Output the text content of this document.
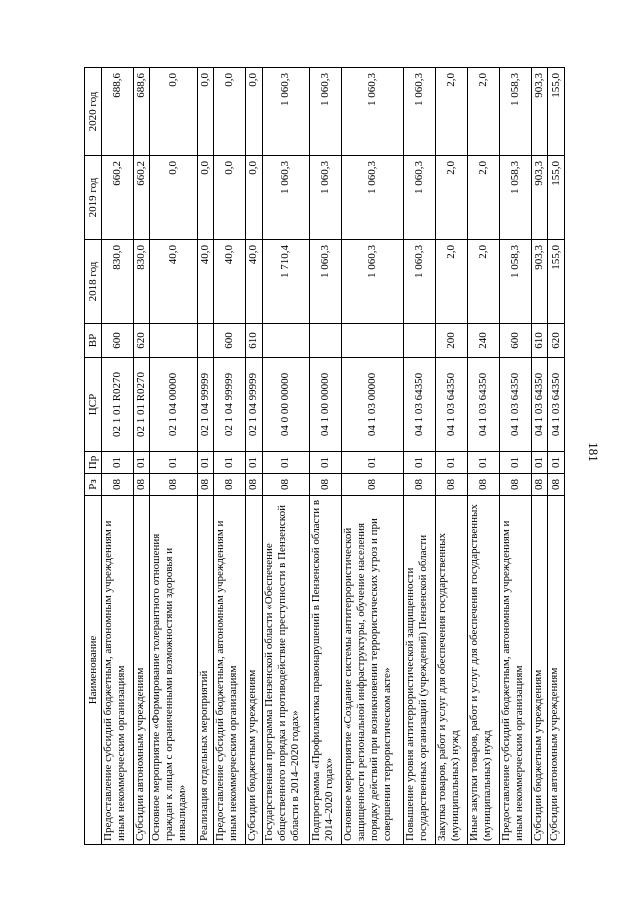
181
Наименование	Рз	Пр	ЦСР	ВР	2018 год	2019 год	2020 год
Предоставление субсидий бюджетным, автономным учреждениям и иным некоммерческим организациям	08	01	02 1 01 R0270	600	830,0	660,2	688,6
Субсидии автономным учреждениям	08	01	02 1 01 R0270	620	830,0	660,2	688,6
Основное мероприятие «Формирование толерантного отношения граждан к лицам с ограниченными возможностями здоровья и инвалидам»	08	01	02 1 04 00000		40,0	0,0	0,0
Реализация отдельных мероприятий	08	01	02 1 04 99999		40,0	0,0	0,0
Предоставление субсидий бюджетным, автономным учреждениям и иным некоммерческим организациям	08	01	02 1 04 99999	600	40,0	0,0	0,0
Субсидии бюджетным учреждениям	08	01	02 1 04 99999	610	40,0	0,0	0,0
Государственная программа Пензенской области «Обеспечение общественного порядка и противодействие преступности в Пензенской области в 2014–2020 годах»	08	01	04 0 00 00000		1 710,4	1 060,3	1 060,3
Подпрограмма «Профилактика правонарушений в Пензенской области в 2014–2020 годах»	08	01	04 1 00 00000		1 060,3	1 060,3	1 060,3
Основное мероприятие «Создание системы антитеррористической защищенности региональной инфраструктуры, обучение населения порядку действий при возникновении террористических угроз и при совершении террористическом акте»	08	01	04 1 03 00000		1 060,3	1 060,3	1 060,3
Повышение уровня антитеррористической защищенности государственных организаций (учреждений) Пензенской области	08	01	04 1 03 64350		1 060,3	1 060,3	1 060,3
Закупка товаров, работ и услуг для обеспечения государственных (муниципальных) нужд	08	01	04 1 03 64350	200	2,0	2,0	2,0
Иные закупки товаров, работ и услуг для обеспечения государственных (муниципальных) нужд	08	01	04 1 03 64350	240	2,0	2,0	2,0
Предоставление субсидий бюджетным, автономным учреждениям и иным некоммерческим организациям	08	01	04 1 03 64350	600	1 058,3	1 058,3	1 058,3
Субсидии бюджетным учреждениям	08	01	04 1 03 64350	610	903,3	903,3	903,3
Субсидии автономным учреждениям	08	01	04 1 03 64350	620	155,0	155,0	155,0
